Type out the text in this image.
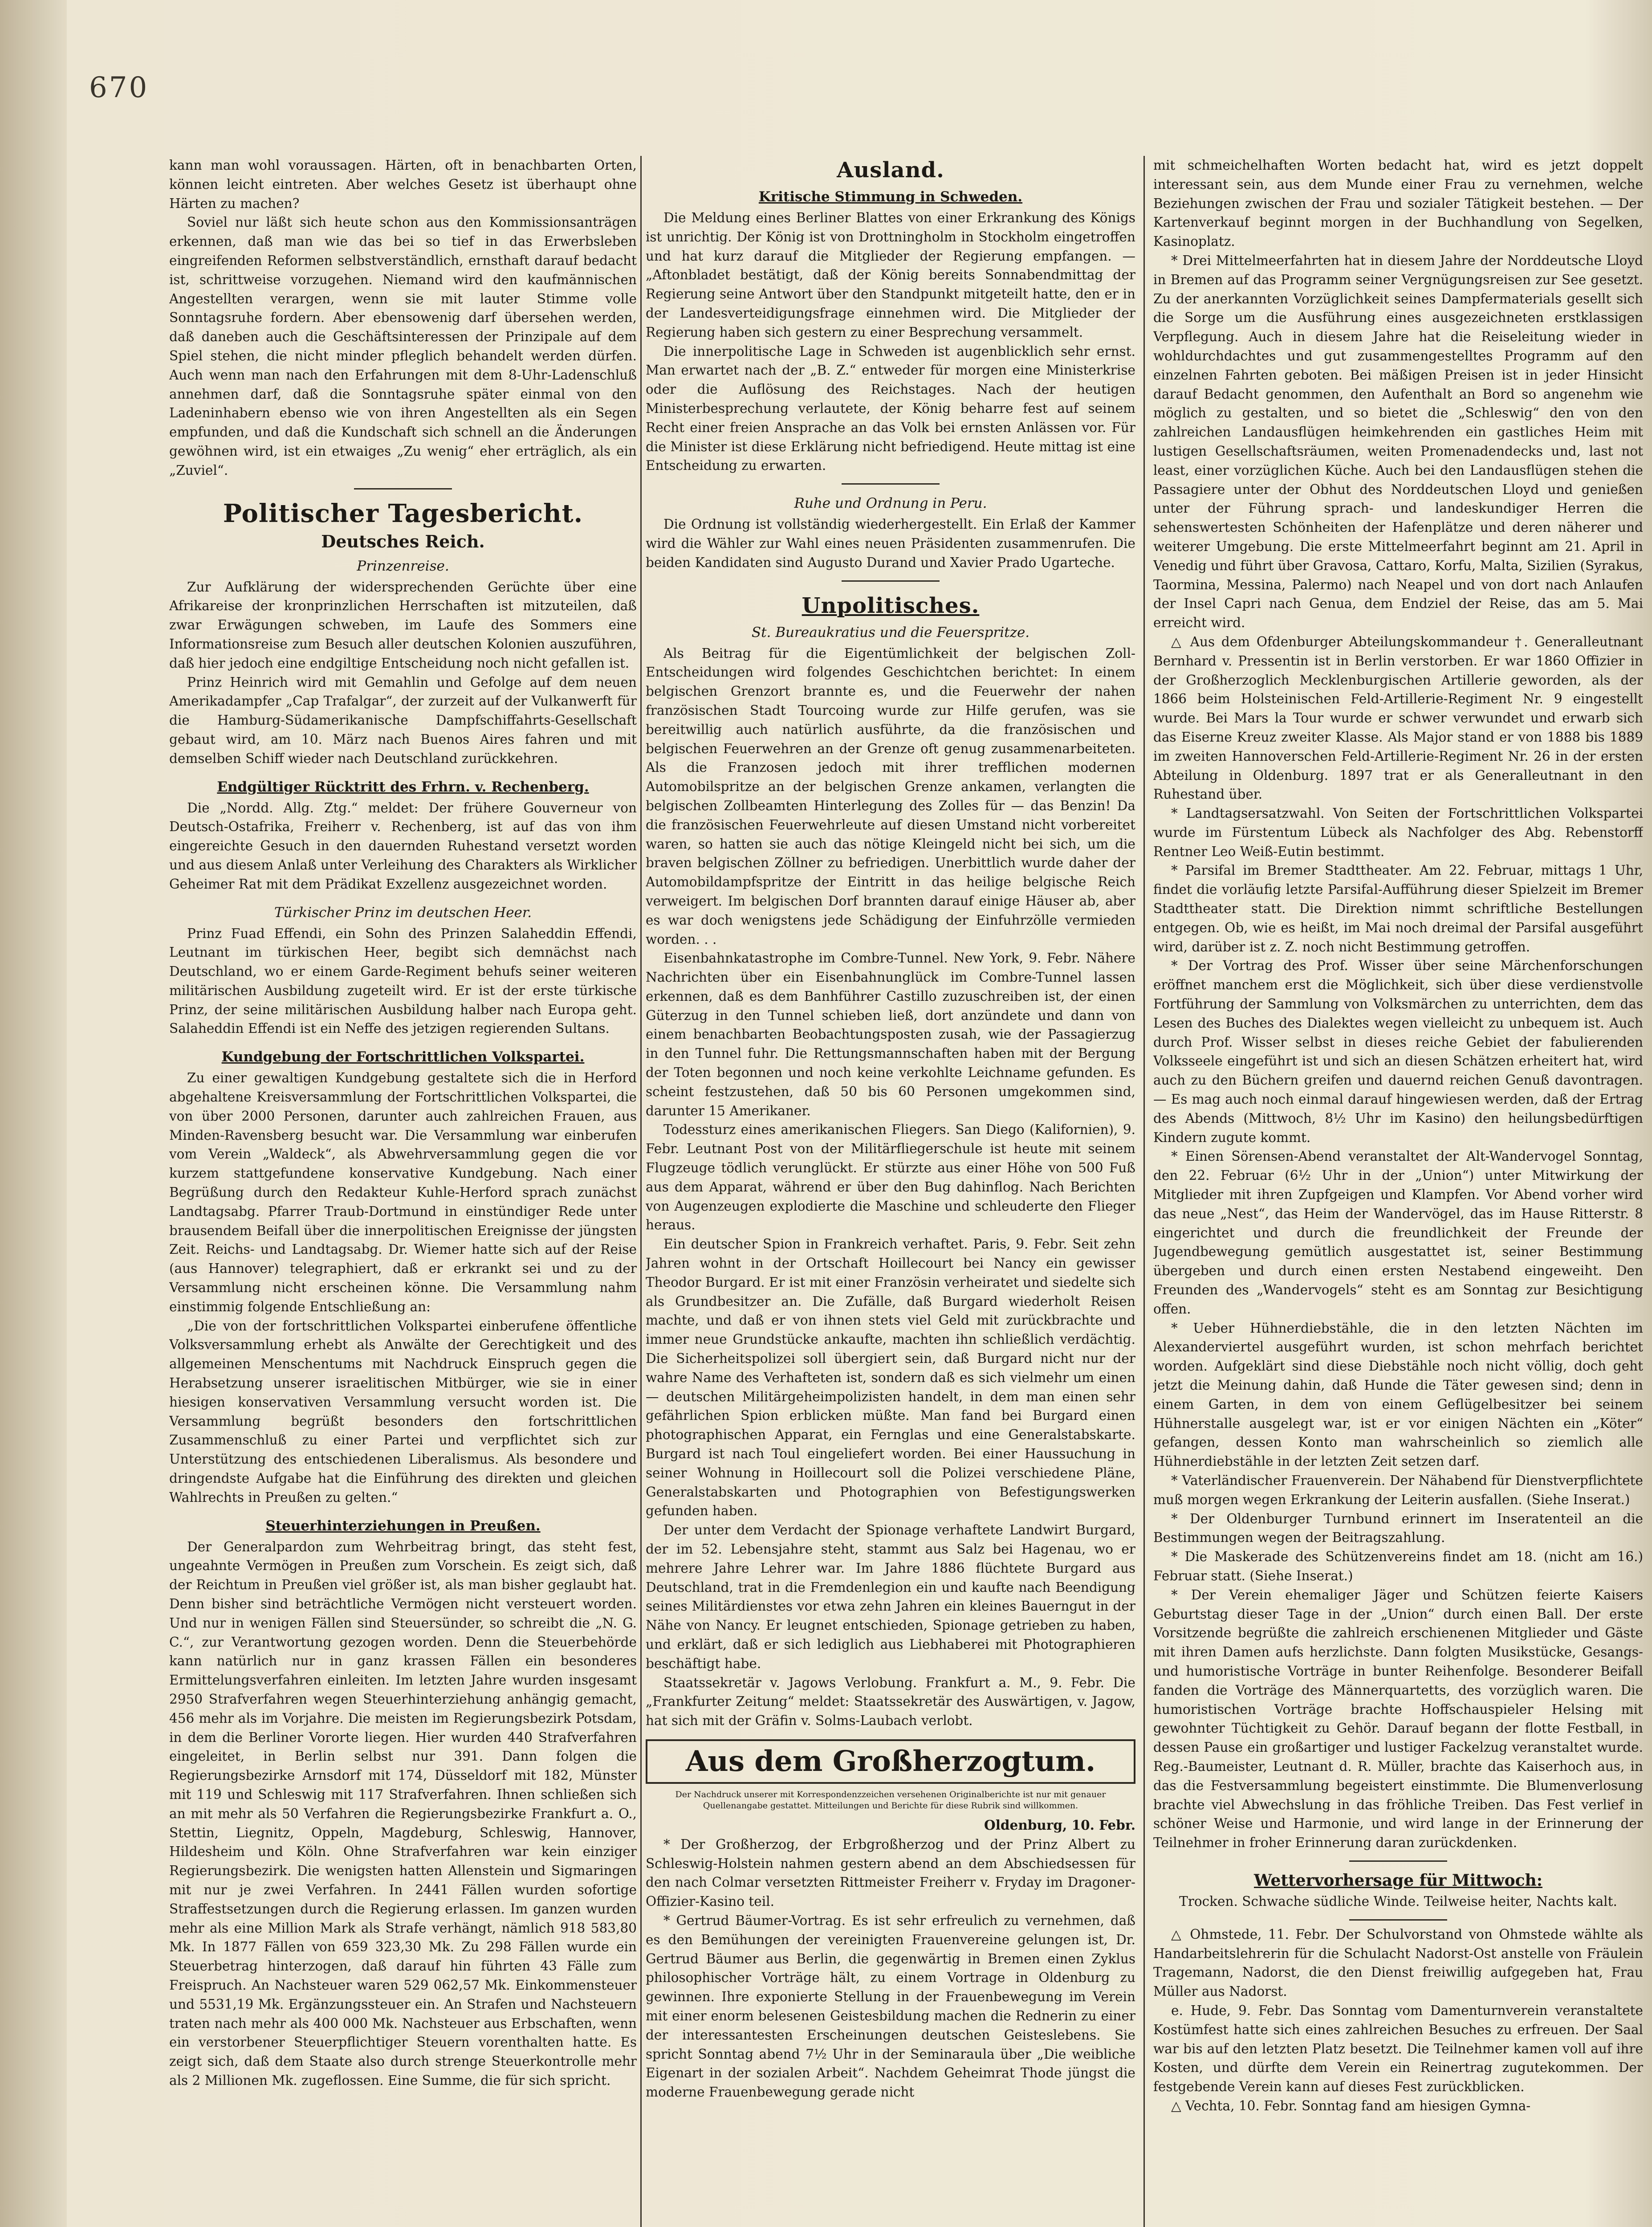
670

kann man wohl voraussagen. Härten, oft in benachbarten Orten, können leicht eintreten. Aber welches Gesetz ist überhaupt ohne Härten zu machen?

Soviel nur läßt sich heute schon aus den Kommissionsanträgen erkennen, daß man wie das bei so tief in das Erwerbsleben eingreifenden Reformen selbstverständlich, ernsthaft darauf bedacht ist, schrittweise vorzugehen. Niemand wird den kaufmännischen Angestellten verargen, wenn sie mit lauter Stimme volle Sonntagsruhe fordern. Aber ebensowenig darf übersehen werden, daß daneben auch die Geschäftsinteressen der Prinzipale auf dem Spiel stehen, die nicht minder pfleglich behandelt werden dürfen. Auch wenn man nach den Erfahrungen mit dem 8-Uhr-Ladenschluß annehmen darf, daß die Sonntagsruhe später einmal von den Ladeninhabern ebenso wie von ihren Angestellten als ein Segen empfunden, und daß die Kundschaft sich schnell an die Änderungen gewöhnen wird, ist ein etwaiges „Zu wenig“ eher erträglich, als ein „Zuviel“.

Politischer Tagesbericht.
Deutsches Reich.
Prinzenreise.

Zur Aufklärung der widersprechenden Gerüchte über eine Afrikareise der kronprinzlichen Herrschaften ist mitzuteilen, daß zwar Erwägungen schweben, im Laufe des Sommers eine Informationsreise zum Besuch aller deutschen Kolonien auszuführen, daß hier jedoch eine endgiltige Entscheidung noch nicht gefallen ist.

Prinz Heinrich wird mit Gemahlin und Gefolge auf dem neuen Amerikadampfer „Cap Trafalgar“, der zurzeit auf der Vulkanwerft für die Hamburg-Südamerikanische Dampfschiffahrts-Gesellschaft gebaut wird, am 10. März nach Buenos Aires fahren und mit demselben Schiff wieder nach Deutschland zurückkehren.

Endgültiger Rücktritt des Frhrn. v. Rechenberg.

Die „Nordd. Allg. Ztg.“ meldet: Der frühere Gouverneur von Deutsch-Ostafrika, Freiherr v. Rechenberg, ist auf das von ihm eingereichte Gesuch in den dauernden Ruhestand versetzt worden und aus diesem Anlaß unter Verleihung des Charakters als Wirklicher Geheimer Rat mit dem Prädikat Exzellenz ausgezeichnet worden.

Türkischer Prinz im deutschen Heer.

Prinz Fuad Effendi, ein Sohn des Prinzen Salaheddin Effendi, Leutnant im türkischen Heer, begibt sich demnächst nach Deutschland, wo er einem Garde-Regiment behufs seiner weiteren militärischen Ausbildung zugeteilt wird. Er ist der erste türkische Prinz, der seine militärischen Ausbildung halber nach Europa geht. Salaheddin Effendi ist ein Neffe des jetzigen regierenden Sultans.

Kundgebung der Fortschrittlichen Volkspartei.

Zu einer gewaltigen Kundgebung gestaltete sich die in Herford abgehaltene Kreisversammlung der Fortschrittlichen Volkspartei, die von über 2000 Personen, darunter auch zahlreichen Frauen, aus Minden-Ravensberg besucht war. Die Versammlung war einberufen vom Verein „Waldeck“, als Abwehrversammlung gegen die vor kurzem stattgefundene konservative Kundgebung. Nach einer Begrüßung durch den Redakteur Kuhle-Herford sprach zunächst Landtagsabg. Pfarrer Traub-Dortmund in einstündiger Rede unter brausendem Beifall über die innerpolitischen Ereignisse der jüngsten Zeit. Reichs- und Landtagsabg. Dr. Wiemer hatte sich auf der Reise (aus Hannover) telegraphiert, daß er erkrankt sei und zu der Versammlung nicht erscheinen könne. Die Versammlung nahm einstimmig folgende Entschließung an:

„Die von der fortschrittlichen Volkspartei einberufene öffentliche Volksversammlung erhebt als Anwälte der Gerechtigkeit und des allgemeinen Menschentums mit Nachdruck Einspruch gegen die Herabsetzung unserer israelitischen Mitbürger, wie sie in einer hiesigen konservativen Versammlung versucht worden ist. Die Versammlung begrüßt besonders den fortschrittlichen Zusammenschluß zu einer Partei und verpflichtet sich zur Unterstützung des entschiedenen Liberalismus. Als besondere und dringendste Aufgabe hat die Einführung des direkten und gleichen Wahlrechts in Preußen zu gelten.“

Steuerhinterziehungen in Preußen.

Der Generalpardon zum Wehrbeitrag bringt, das steht fest, ungeahnte Vermögen in Preußen zum Vorschein. Es zeigt sich, daß der Reichtum in Preußen viel größer ist, als man bisher geglaubt hat. Denn bisher sind beträchtliche Vermögen nicht versteuert worden. Und nur in wenigen Fällen sind Steuersünder, so schreibt die „N. G. C.“, zur Verantwortung gezogen worden. Denn die Steuerbehörde kann natürlich nur in ganz krassen Fällen ein besonderes Ermittelungsverfahren einleiten. Im letzten Jahre wurden insgesamt 2950 Strafverfahren wegen Steuerhinterziehung anhängig gemacht, 456 mehr als im Vorjahre. Die meisten im Regierungsbezirk Potsdam, in dem die Berliner Vororte liegen. Hier wurden 440 Strafverfahren eingeleitet, in Berlin selbst nur 391. Dann folgen die Regierungsbezirke Arnsdorf mit 174, Düsseldorf mit 182, Münster mit 119 und Schleswig mit 117 Strafverfahren. Ihnen schließen sich an mit mehr als 50 Verfahren die Regierungsbezirke Frankfurt a. O., Stettin, Liegnitz, Oppeln, Magdeburg, Schleswig, Hannover, Hildesheim und Köln. Ohne Strafverfahren war kein einziger Regierungsbezirk. Die wenigsten hatten Allenstein und Sigmaringen mit nur je zwei Verfahren. In 2441 Fällen wurden sofortige Straffestsetzungen durch die Regierung erlassen. Im ganzen wurden mehr als eine Million Mark als Strafe verhängt, nämlich 918 583,80 Mk. In 1877 Fällen von 659 323,30 Mk. Zu 298 Fällen wurde ein Steuerbetrag hinterzogen, daß darauf hin führten 43 Fälle zum Freispruch. An Nachsteuer waren 529 062,57 Mk. Einkommensteuer und 5531,19 Mk. Ergänzungssteuer ein. An Strafen und Nachsteuern traten nach mehr als 400 000 Mk. Nachsteuer aus Erbschaften, wenn ein verstorbener Steuerpflichtiger Steuern vorenthalten hatte. Es zeigt sich, daß dem Staate also durch strenge Steuerkontrolle mehr als 2 Millionen Mk. zugeflossen. Eine Summe, die für sich spricht.

Ausland.
Kritische Stimmung in Schweden.

Die Meldung eines Berliner Blattes von einer Erkrankung des Königs ist unrichtig. Der König ist von Drottningholm in Stockholm eingetroffen und hat kurz darauf die Mitglieder der Regierung empfangen. — „Aftonbladet bestätigt, daß der König bereits Sonnabendmittag der Regierung seine Antwort über den Standpunkt mitgeteilt hatte, den er in der Landesverteidigungsfrage einnehmen wird. Die Mitglieder der Regierung haben sich gestern zu einer Besprechung versammelt.

Die innerpolitische Lage in Schweden ist augenblicklich sehr ernst. Man erwartet nach der „B. Z.“ entweder für morgen eine Ministerkrise oder die Auflösung des Reichstages. Nach der heutigen Ministerbesprechung verlautete, der König beharre fest auf seinem Recht einer freien Ansprache an das Volk bei ernsten Anlässen vor. Für die Minister ist diese Erklärung nicht befriedigend. Heute mittag ist eine Entscheidung zu erwarten.

Ruhe und Ordnung in Peru.

Die Ordnung ist vollständig wiederhergestellt. Ein Erlaß der Kammer wird die Wähler zur Wahl eines neuen Präsidenten zusammenrufen. Die beiden Kandidaten sind Augusto Durand und Xavier Prado Ugarteche.

Unpolitisches.
St. Bureaukratius und die Feuerspritze.

Als Beitrag für die Eigentümlichkeit der belgischen Zoll-Entscheidungen wird folgendes Geschichtchen berichtet: In einem belgischen Grenzort brannte es, und die Feuerwehr der nahen französischen Stadt Tourcoing wurde zur Hilfe gerufen, was sie bereitwillig auch natürlich ausführte, da die französischen und belgischen Feuerwehren an der Grenze oft genug zusammenarbeiteten. Als die Franzosen jedoch mit ihrer trefflichen modernen Automobilspritze an der belgischen Grenze ankamen, verlangten die belgischen Zollbeamten Hinterlegung des Zolles für — das Benzin! Da die französischen Feuerwehrleute auf diesen Umstand nicht vorbereitet waren, so hatten sie auch das nötige Kleingeld nicht bei sich, um die braven belgischen Zöllner zu befriedigen. Unerbittlich wurde daher der Automobildampfspritze der Eintritt in das heilige belgische Reich verweigert. Im belgischen Dorf brannten darauf einige Häuser ab, aber es war doch wenigstens jede Schädigung der Einfuhrzölle vermieden worden. . .

Eisenbahnkatastrophe im Combre-Tunnel. New York, 9. Febr. Nähere Nachrichten über ein Eisenbahnunglück im Combre-Tunnel lassen erkennen, daß es dem Banhführer Castillo zuzuschreiben ist, der einen Güterzug in den Tunnel schieben ließ, dort anzündete und dann von einem benachbarten Beobachtungsposten zusah, wie der Passagierzug in den Tunnel fuhr. Die Rettungsmannschaften haben mit der Bergung der Toten begonnen und noch keine verkohlte Leichname gefunden. Es scheint festzustehen, daß 50 bis 60 Personen umgekommen sind, darunter 15 Amerikaner.

Todessturz eines amerikanischen Fliegers. San Diego (Kalifornien), 9. Febr. Leutnant Post von der Militärfliegerschule ist heute mit seinem Flugzeuge tödlich verunglückt. Er stürzte aus einer Höhe von 500 Fuß aus dem Apparat, während er über den Bug dahinflog. Nach Berichten von Augenzeugen explodierte die Maschine und schleuderte den Flieger heraus.

Ein deutscher Spion in Frankreich verhaftet. Paris, 9. Febr. Seit zehn Jahren wohnt in der Ortschaft Hoillecourt bei Nancy ein gewisser Theodor Burgard. Er ist mit einer Französin verheiratet und siedelte sich als Grundbesitzer an. Die Zufälle, daß Burgard wiederholt Reisen machte, und daß er von ihnen stets viel Geld mit zurückbrachte und immer neue Grundstücke ankaufte, machten ihn schließlich verdächtig. Die Sicherheitspolizei soll übergiert sein, daß Burgard nicht nur der wahre Name des Verhafteten ist, sondern daß es sich vielmehr um einen — deutschen Militärgeheimpolizisten handelt, in dem man einen sehr gefährlichen Spion erblicken müßte. Man fand bei Burgard einen photographischen Apparat, ein Fernglas und eine Generalstabskarte. Burgard ist nach Toul eingeliefert worden. Bei einer Haussuchung in seiner Wohnung in Hoillecourt soll die Polizei verschiedene Pläne, Generalstabskarten und Photographien von Befestigungswerken gefunden haben.

Der unter dem Verdacht der Spionage verhaftete Landwirt Burgard, der im 52. Lebensjahre steht, stammt aus Salz bei Hagenau, wo er mehrere Jahre Lehrer war. Im Jahre 1886 flüchtete Burgard aus Deutschland, trat in die Fremdenlegion ein und kaufte nach Beendigung seines Militärdienstes vor etwa zehn Jahren ein kleines Bauerngut in der Nähe von Nancy. Er leugnet entschieden, Spionage getrieben zu haben, und erklärt, daß er sich lediglich aus Liebhaberei mit Photographieren beschäftigt habe.

Staatssekretär v. Jagows Verlobung. Frankfurt a. M., 9. Febr. Die „Frankfurter Zeitung“ meldet: Staatssekretär des Auswärtigen, v. Jagow, hat sich mit der Gräfin v. Solms-Laubach verlobt.

Aus dem Großherzogtum.
Der Nachdruck unserer mit Korrespondenzzeichen versehenen Originalberichte ist nur mit genauer Quellenangabe gestattet. Mitteilungen und Berichte für diese Rubrik sind willkommen.

Oldenburg, 10. Febr.

* Der Großherzog, der Erbgroßherzog und der Prinz Albert zu Schleswig-Holstein nahmen gestern abend an dem Abschiedsessen für den nach Colmar versetzten Rittmeister Freiherr v. Fryday im Dragoner-Offizier-Kasino teil.

* Gertrud Bäumer-Vortrag. Es ist sehr erfreulich zu vernehmen, daß es den Bemühungen der vereinigten Frauenvereine gelungen ist, Dr. Gertrud Bäumer aus Berlin, die gegenwärtig in Bremen einen Zyklus philosophischer Vorträge hält, zu einem Vortrage in Oldenburg zu gewinnen. Ihre exponierte Stellung in der Frauenbewegung im Verein mit einer enorm belesenen Geistesbildung machen die Rednerin zu einer der interessantesten Erscheinungen deutschen Geisteslebens. Sie spricht Sonntag abend 7½ Uhr in der Seminaraula über „Die weibliche Eigenart in der sozialen Arbeit“. Nachdem Geheimrat Thode jüngst die moderne Frauenbewegung gerade nicht

mit schmeichelhaften Worten bedacht hat, wird es jetzt doppelt interessant sein, aus dem Munde einer Frau zu vernehmen, welche Beziehungen zwischen der Frau und sozialer Tätigkeit bestehen. — Der Kartenverkauf beginnt morgen in der Buchhandlung von Segelken, Kasinoplatz.

* Drei Mittelmeerfahrten hat in diesem Jahre der Norddeutsche Lloyd in Bremen auf das Programm seiner Vergnügungsreisen zur See gesetzt. Zu der anerkannten Vorzüglichkeit seines Dampfermaterials gesellt sich die Sorge um die Ausführung eines ausgezeichneten erstklassigen Verpflegung. Auch in diesem Jahre hat die Reiseleitung wieder in wohldurchdachtes und gut zusammengestelltes Programm auf den einzelnen Fahrten geboten. Bei mäßigen Preisen ist in jeder Hinsicht darauf Bedacht genommen, den Aufenthalt an Bord so angenehm wie möglich zu gestalten, und so bietet die „Schleswig“ den von den zahlreichen Landausflügen heimkehrenden ein gastliches Heim mit lustigen Gesellschaftsräumen, weiten Promenadendecks und, last not least, einer vorzüglichen Küche. Auch bei den Landausflügen stehen die Passagiere unter der Obhut des Norddeutschen Lloyd und genießen unter der Führung sprach- und landeskundiger Herren die sehenswertesten Schönheiten der Hafenplätze und deren näherer und weiterer Umgebung. Die erste Mittelmeerfahrt beginnt am 21. April in Venedig und führt über Gravosa, Cattaro, Korfu, Malta, Sizilien (Syrakus, Taormina, Messina, Palermo) nach Neapel und von dort nach Anlaufen der Insel Capri nach Genua, dem Endziel der Reise, das am 5. Mai erreicht wird.

△ Aus dem Ofdenburger Abteilungskommandeur †. Generalleutnant Bernhard v. Pressentin ist in Berlin verstorben. Er war 1860 Offizier in der Großherzoglich Mecklenburgischen Artillerie geworden, als der 1866 beim Holsteinischen Feld-Artillerie-Regiment Nr. 9 eingestellt wurde. Bei Mars la Tour wurde er schwer verwundet und erwarb sich das Eiserne Kreuz zweiter Klasse. Als Major stand er von 1888 bis 1889 im zweiten Hannoverschen Feld-Artillerie-Regiment Nr. 26 in der ersten Abteilung in Oldenburg. 1897 trat er als Generalleutnant in den Ruhestand über.

* Landtagsersatzwahl. Von Seiten der Fortschrittlichen Volkspartei wurde im Fürstentum Lübeck als Nachfolger des Abg. Rebenstorff Rentner Leo Weiß-Eutin bestimmt.

* Parsifal im Bremer Stadttheater. Am 22. Februar, mittags 1 Uhr, findet die vorläufig letzte Parsifal-Aufführung dieser Spielzeit im Bremer Stadttheater statt. Die Direktion nimmt schriftliche Bestellungen entgegen. Ob, wie es heißt, im Mai noch dreimal der Parsifal ausgeführt wird, darüber ist z. Z. noch nicht Bestimmung getroffen.

* Der Vortrag des Prof. Wisser über seine Märchenforschungen eröffnet manchem erst die Möglichkeit, sich über diese verdienstvolle Fortführung der Sammlung von Volksmärchen zu unterrichten, dem das Lesen des Buches des Dialektes wegen vielleicht zu unbequem ist. Auch durch Prof. Wisser selbst in dieses reiche Gebiet der fabulierenden Volksseele eingeführt ist und sich an diesen Schätzen erheitert hat, wird auch zu den Büchern greifen und dauernd reichen Genuß davontragen. — Es mag auch noch einmal darauf hingewiesen werden, daß der Ertrag des Abends (Mittwoch, 8½ Uhr im Kasino) den heilungsbedürftigen Kindern zugute kommt.

* Einen Sörensen-Abend veranstaltet der Alt-Wandervogel Sonntag, den 22. Februar (6½ Uhr in der „Union“) unter Mitwirkung der Mitglieder mit ihren Zupfgeigen und Klampfen. Vor Abend vorher wird das neue „Nest“, das Heim der Wandervögel, das im Hause Ritterstr. 8 eingerichtet und durch die freundlichkeit der Freunde der Jugendbewegung gemütlich ausgestattet ist, seiner Bestimmung übergeben und durch einen ersten Nestabend eingeweiht. Den Freunden des „Wandervogels“ steht es am Sonntag zur Besichtigung offen.

* Ueber Hühnerdiebstähle, die in den letzten Nächten im Alexanderviertel ausgeführt wurden, ist schon mehrfach berichtet worden. Aufgeklärt sind diese Diebstähle noch nicht völlig, doch geht jetzt die Meinung dahin, daß Hunde die Täter gewesen sind; denn in einem Garten, in dem von einem Geflügelbesitzer bei seinem Hühnerstalle ausgelegt war, ist er vor einigen Nächten ein „Köter“ gefangen, dessen Konto man wahrscheinlich so ziemlich alle Hühnerdiebstähle in der letzten Zeit setzen darf.

* Vaterländischer Frauenverein. Der Nähabend für Dienstverpflichtete muß morgen wegen Erkrankung der Leiterin ausfallen. (Siehe Inserat.)

* Der Oldenburger Turnbund erinnert im Inseratenteil an die Bestimmungen wegen der Beitragszahlung.

* Die Maskerade des Schützenvereins findet am 18. (nicht am 16.) Februar statt. (Siehe Inserat.)

* Der Verein ehemaliger Jäger und Schützen feierte Kaisers Geburtstag dieser Tage in der „Union“ durch einen Ball. Der erste Vorsitzende begrüßte die zahlreich erschienenen Mitglieder und Gäste mit ihren Damen aufs herzlichste. Dann folgten Musikstücke, Gesangs- und humoristische Vorträge in bunter Reihenfolge. Besonderer Beifall fanden die Vorträge des Männerquartetts, des vorzüglich waren. Die humoristischen Vorträge brachte Hoffschauspieler Helsing mit gewohnter Tüchtigkeit zu Gehör. Darauf begann der flotte Festball, in dessen Pause ein großartiger und lustiger Fackelzug veranstaltet wurde. Reg.-Baumeister, Leutnant d. R. Müller, brachte das Kaiserhoch aus, in das die Festversammlung begeistert einstimmte. Die Blumenverlosung brachte viel Abwechslung in das fröhliche Treiben. Das Fest verlief in schöner Weise und Harmonie, und wird lange in der Erinnerung der Teilnehmer in froher Erinnerung daran zurückdenken.

Wettervorhersage für Mittwoch:

Trocken. Schwache südliche Winde. Teilweise heiter, Nachts kalt.

△ Ohmstede, 11. Febr. Der Schulvorstand von Ohmstede wählte als Handarbeitslehrerin für die Schulacht Nadorst-Ost anstelle von Fräulein Tragemann, Nadorst, die den Dienst freiwillig aufgegeben hat, Frau Müller aus Nadorst.

e. Hude, 9. Febr. Das Sonntag vom Damenturnverein veranstaltete Kostümfest hatte sich eines zahlreichen Besuches zu erfreuen. Der Saal war bis auf den letzten Platz besetzt. Die Teilnehmer kamen voll auf ihre Kosten, und dürfte dem Verein ein Reinertrag zugutekommen. Der festgebende Verein kann auf dieses Fest zurückblicken.

△ Vechta, 10. Febr. Sonntag fand am hiesigen Gymna-
